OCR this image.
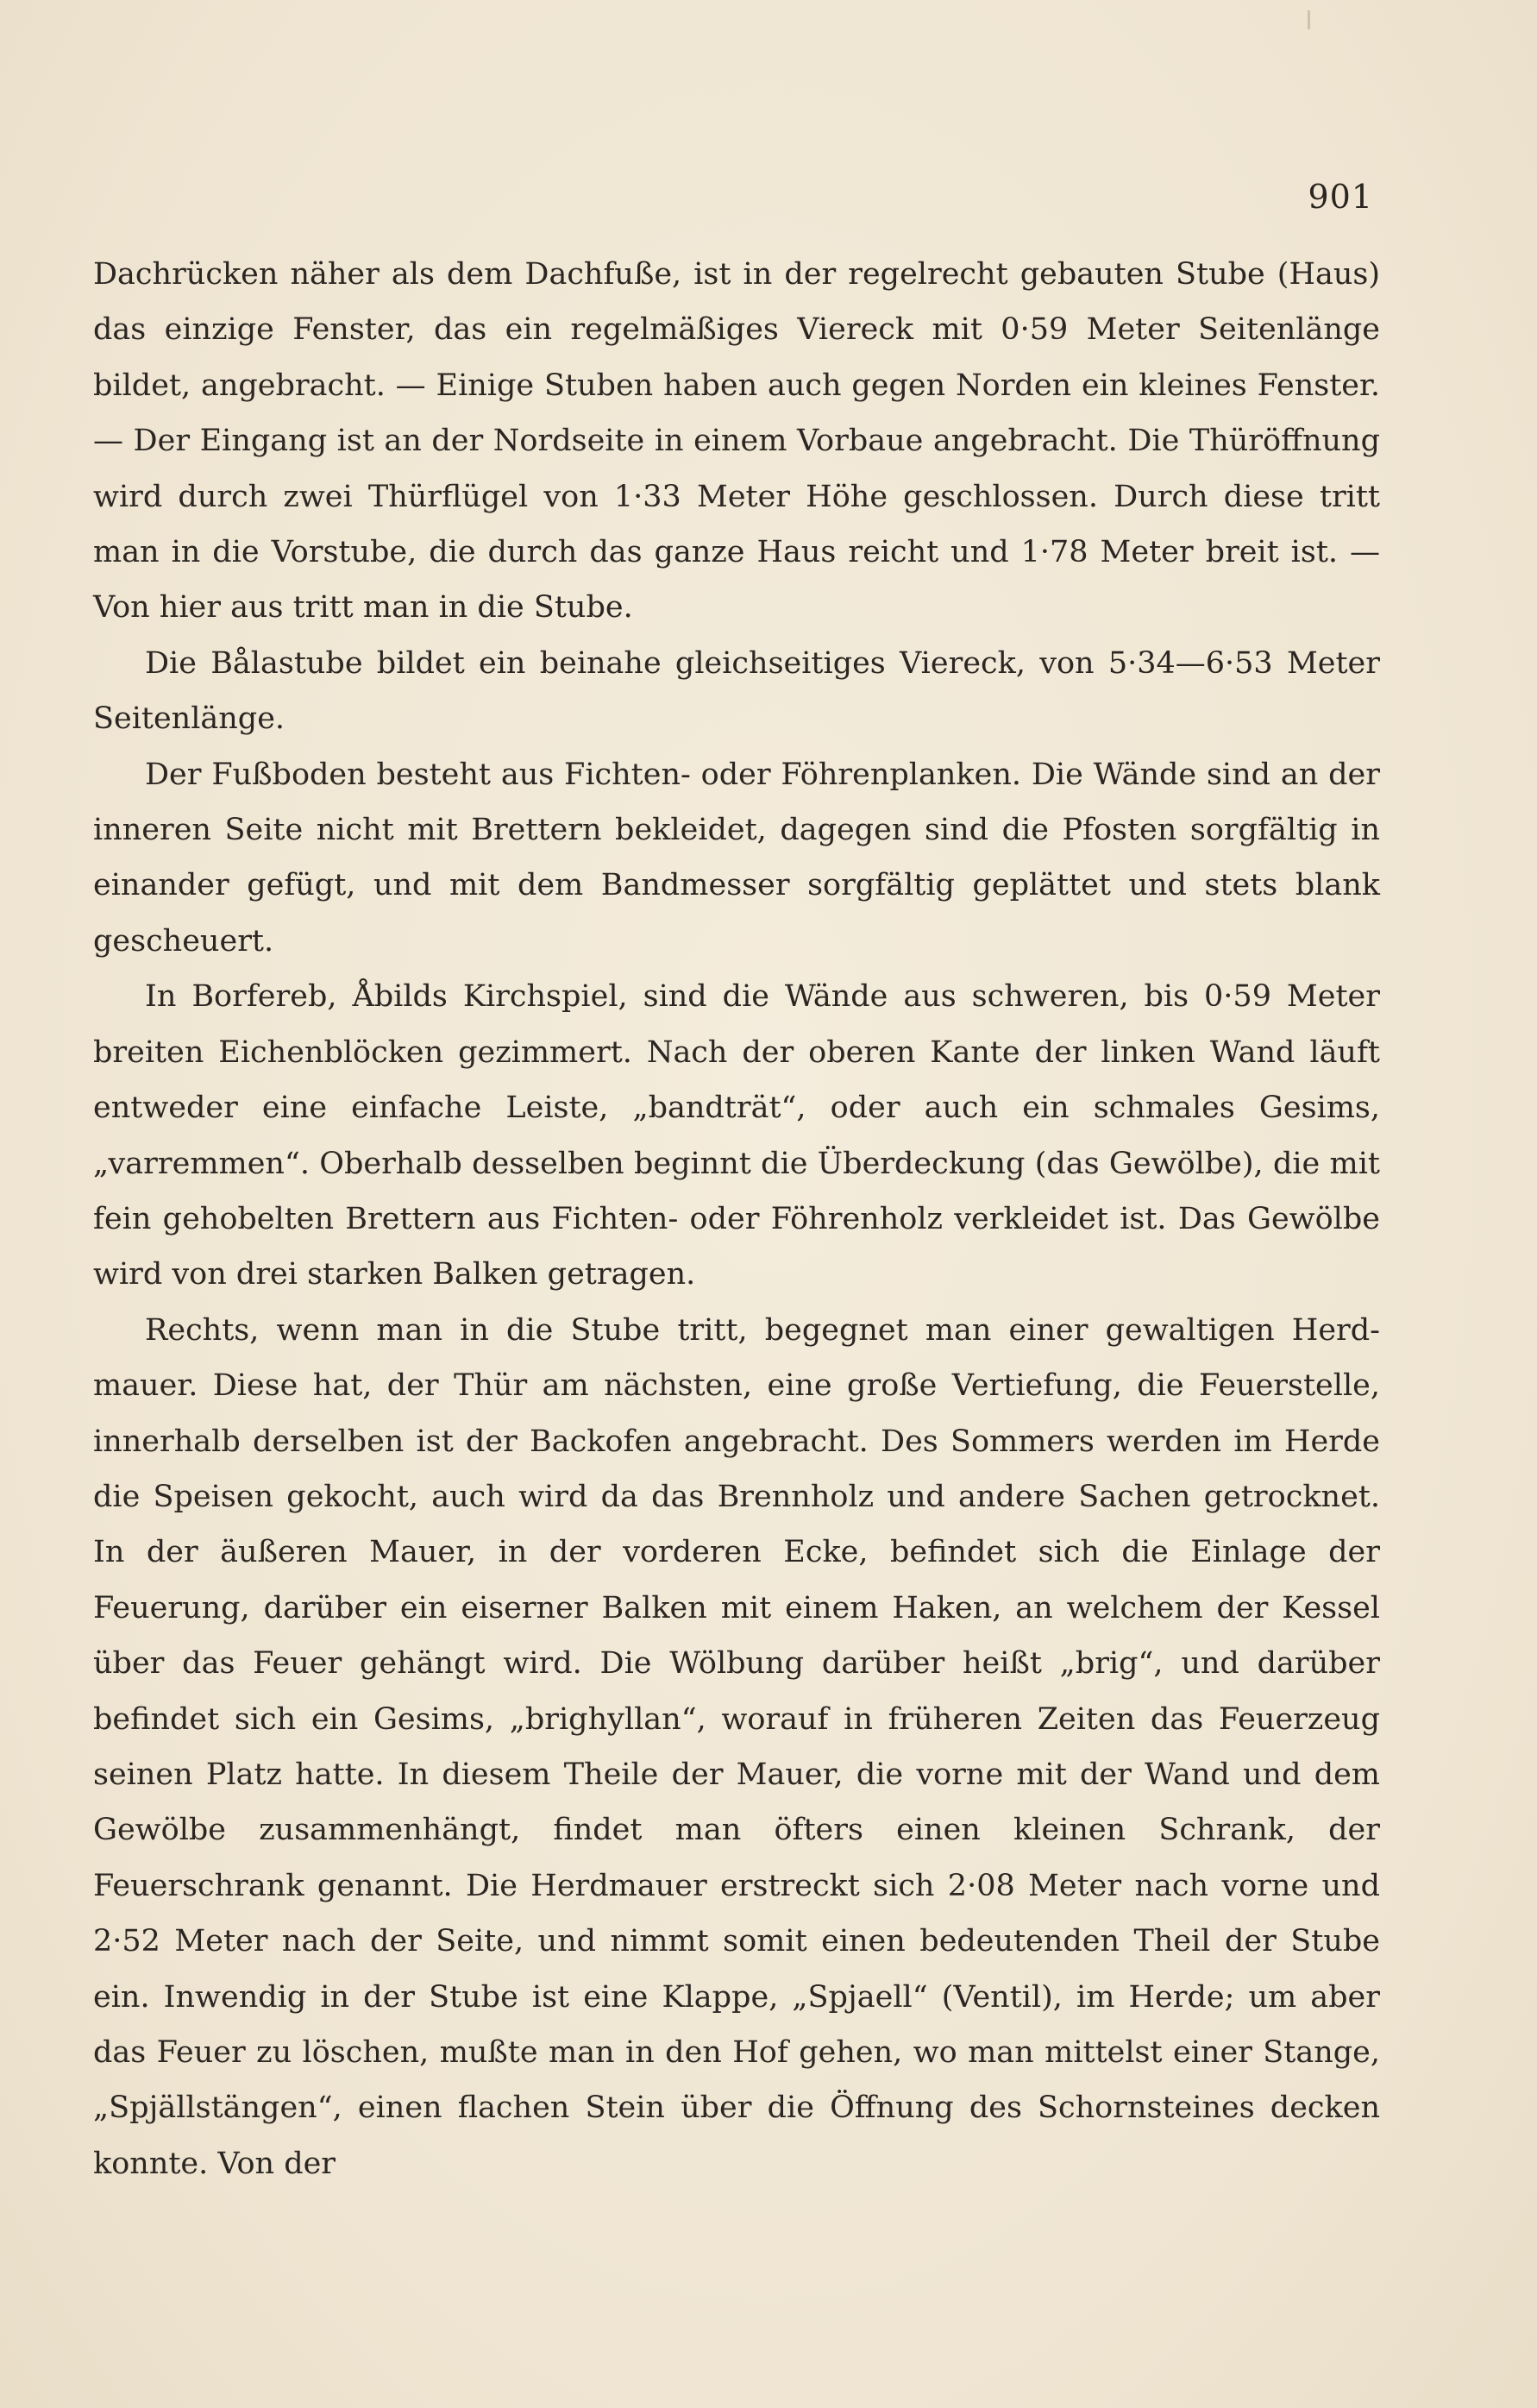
901

Dachrücken näher als dem Dachfuße, ist in der regelrecht gebauten Stube (Haus) das einzige Fenster, das ein regelmäßiges Viereck mit 0·59 Meter Seitenlänge bildet, angebracht. — Einige Stuben haben auch gegen Norden ein kleines Fenster. — Der Eingang ist an der Nordseite in einem Vorbaue angebracht. Die Thüröffnung wird durch zwei Thürflügel von 1·33 Meter Höhe geschlossen. Durch diese tritt man in die Vorstube, die durch das ganze Haus reicht und 1·78 Meter breit ist. — Von hier aus tritt man in die Stube.

Die Bålastube bildet ein beinahe gleichseitiges Viereck, von 5·34—6·53 Meter Seitenlänge.

Der Fußboden besteht aus Fichten- oder Föhrenplanken. Die Wände sind an der inneren Seite nicht mit Brettern bekleidet, dagegen sind die Pfosten sorgfältig in einander gefügt, und mit dem Bandmesser sorgfältig geplättet und stets blank gescheuert.

In Borfereb, Åbilds Kirchspiel, sind die Wände aus schweren, bis 0·59 Meter breiten Eichenblöcken gezimmert. Nach der oberen Kante der linken Wand läuft entweder eine einfache Leiste, „bandträt“, oder auch ein schmales Gesims, „varremmen“. Oberhalb desselben beginnt die Überdeckung (das Gewölbe), die mit fein gehobelten Brettern aus Fichten- oder Föhrenholz verkleidet ist. Das Gewölbe wird von drei starken Balken getragen.

Rechts, wenn man in die Stube tritt, begegnet man einer gewaltigen Herdmauer. Diese hat, der Thür am nächsten, eine große Vertiefung, die Feuerstelle, innerhalb derselben ist der Backofen angebracht. Des Sommers werden im Herde die Speisen gekocht, auch wird da das Brennholz und andere Sachen getrocknet. In der äußeren Mauer, in der vorderen Ecke, befindet sich die Einlage der Feuerung, darüber ein eiserner Balken mit einem Haken, an welchem der Kessel über das Feuer gehängt wird. Die Wölbung darüber heißt „brig“, und darüber befindet sich ein Gesims, „brighyllan“, worauf in früheren Zeiten das Feuerzeug seinen Platz hatte. In diesem Theile der Mauer, die vorne mit der Wand und dem Gewölbe zusammenhängt, findet man öfters einen kleinen Schrank, der Feuerschrank genannt. Die Herdmauer erstreckt sich 2·08 Meter nach vorne und 2·52 Meter nach der Seite, und nimmt somit einen bedeutenden Theil der Stube ein. Inwendig in der Stube ist eine Klappe, „Spjaell“ (Ventil), im Herde; um aber das Feuer zu löschen, mußte man in den Hof gehen, wo man mittelst einer Stange, „Spjällstängen“, einen flachen Stein über die Öffnung des Schornsteines decken konnte. Von der
